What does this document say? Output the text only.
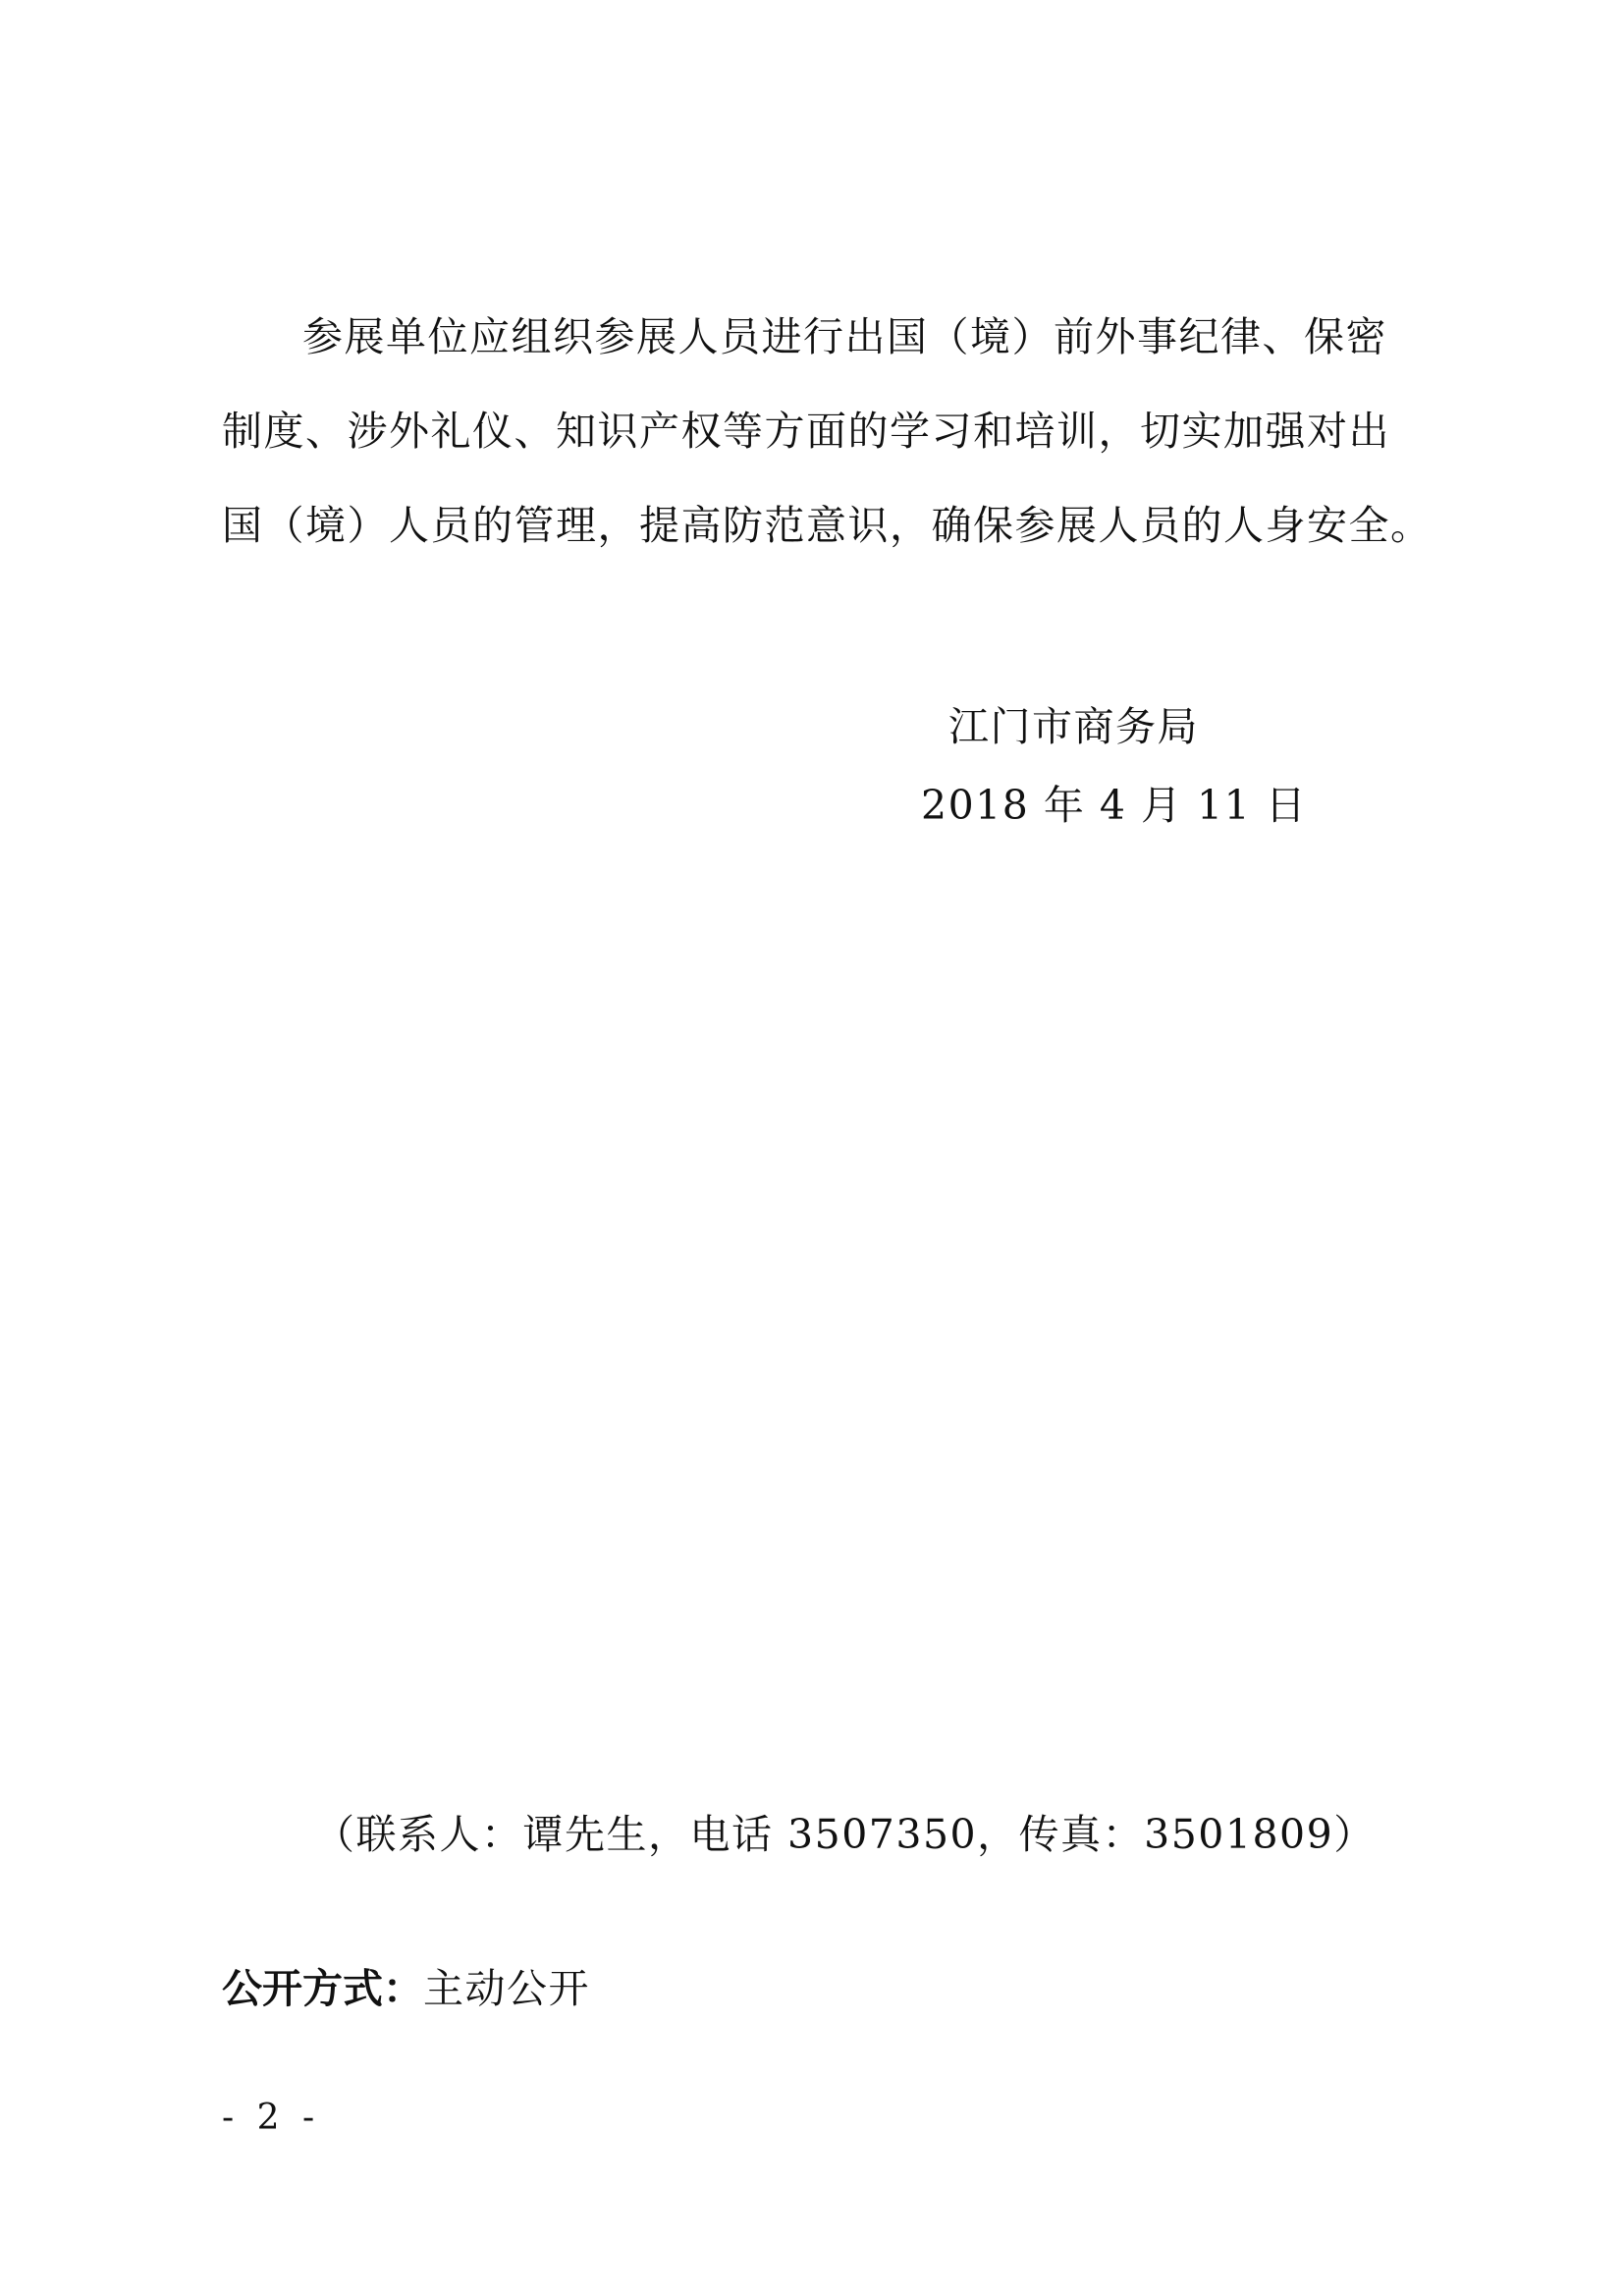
参展单位应组织参展人员进行出国（境）前外事纪律、保密
制度、涉外礼仪、知识产权等方面的学习和培训，切实加强对出
国（境）人员的管理，提高防范意识，确保参展人员的人身安全。
江门市商务局
2018 年 4 月 11 日
（联系人：谭先生，电话 3507350，传真：3501809）
公开方式：主动公开
- 2 -
